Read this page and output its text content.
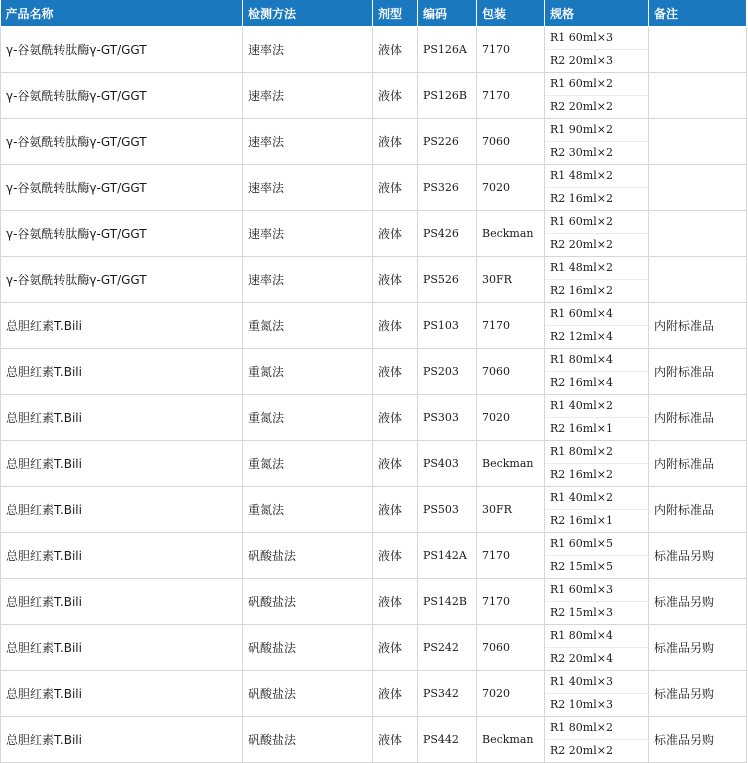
产品名称	检测方法	剂型	编码	包装	规格	备注
γ-谷氨酰转肽酶γ-GT/GGT	速率法	液体	PS126A	7170	R1 60ml×3
R2 20ml×3	

γ-谷氨酰转肽酶γ-GT/GGT	速率法	液体	PS126B	7170	R1 60ml×2
R2 20ml×2	

γ-谷氨酰转肽酶γ-GT/GGT	速率法	液体	PS226	7060	R1 90ml×2
R2 30ml×2	

γ-谷氨酰转肽酶γ-GT/GGT	速率法	液体	PS326	7020	R1 48ml×2
R2 16ml×2	

γ-谷氨酰转肽酶γ-GT/GGT	速率法	液体	PS426	Beckman	R1 60ml×2
R2 20ml×2	

γ-谷氨酰转肽酶γ-GT/GGT	速率法	液体	PS526	30FR	R1 48ml×2
R2 16ml×2	

总胆红素T.Bili	重氮法	液体	PS103	7170	R1 60ml×4
R2 12ml×4	内附标准品
总胆红素T.Bili	重氮法	液体	PS203	7060	R1 80ml×4
R2 16ml×4	内附标准品
总胆红素T.Bili	重氮法	液体	PS303	7020	R1 40ml×2
R2 16ml×1	内附标准品
总胆红素T.Bili	重氮法	液体	PS403	Beckman	R1 80ml×2
R2 16ml×2	内附标准品
总胆红素T.Bili	重氮法	液体	PS503	30FR	R1 40ml×2
R2 16ml×1	内附标准品
总胆红素T.Bili	矾酸盐法	液体	PS142A	7170	R1 60ml×5
R2 15ml×5	标准品另购
总胆红素T.Bili	矾酸盐法	液体	PS142B	7170	R1 60ml×3
R2 15ml×3	标准品另购
总胆红素T.Bili	矾酸盐法	液体	PS242	7060	R1 80ml×4
R2 20ml×4	标准品另购
总胆红素T.Bili	矾酸盐法	液体	PS342	7020	R1 40ml×3
R2 10ml×3	标准品另购
总胆红素T.Bili	矾酸盐法	液体	PS442	Beckman	R1 80ml×2
R2 20ml×2	标准品另购
